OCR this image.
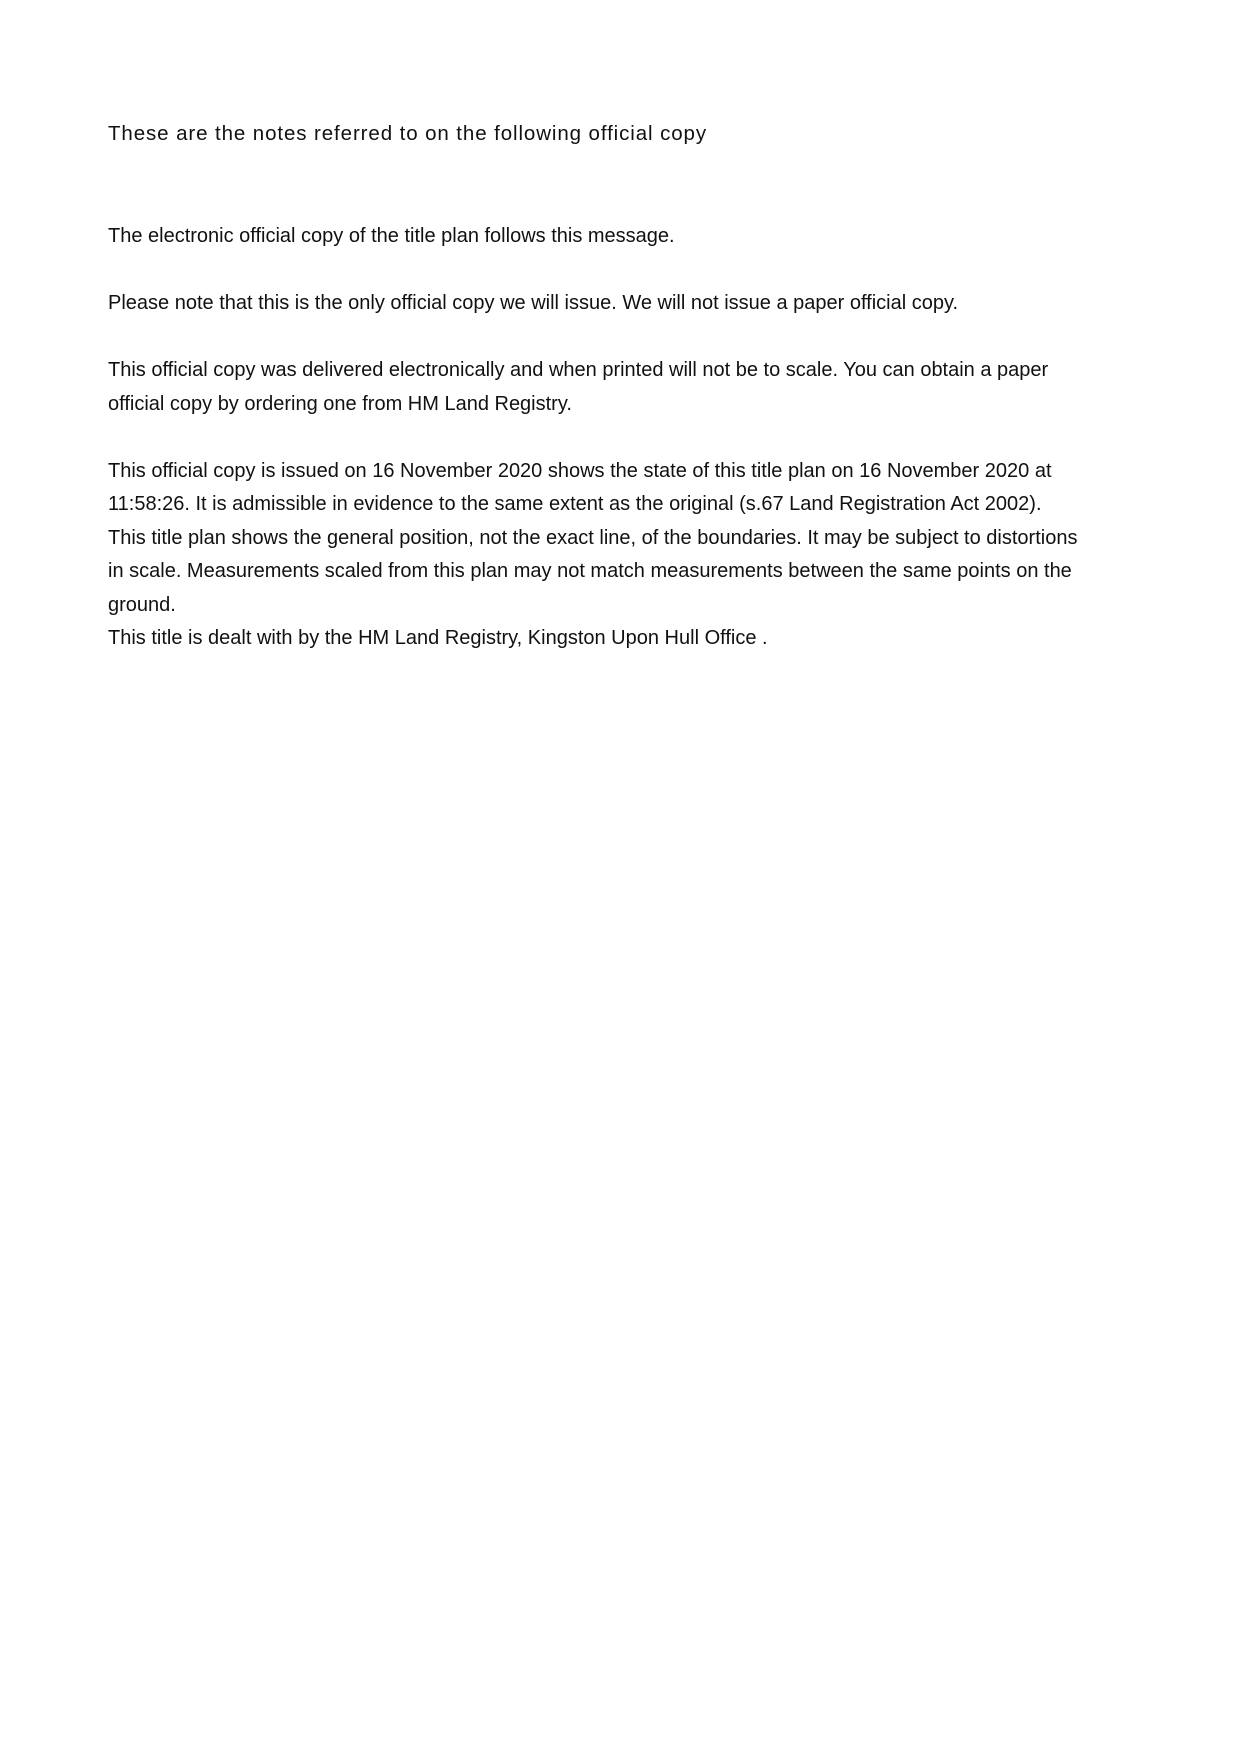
These are the notes referred to on the following official copy

The electronic official copy of the title plan follows this message.

Please note that this is the only official copy we will issue. We will not issue a paper official copy.

This official copy was delivered electronically and when printed will not be to scale. You can obtain a paper
official copy by ordering one from HM Land Registry.

This official copy is issued on 16 November 2020 shows the state of this title plan on 16 November 2020 at
11:58:26. It is admissible in evidence to the same extent as the original (s.67 Land Registration Act 2002).
This title plan shows the general position, not the exact line, of the boundaries. It may be subject to distortions
in scale. Measurements scaled from this plan may not match measurements between the same points on the
ground.
This title is dealt with by the HM Land Registry, Kingston Upon Hull Office .
